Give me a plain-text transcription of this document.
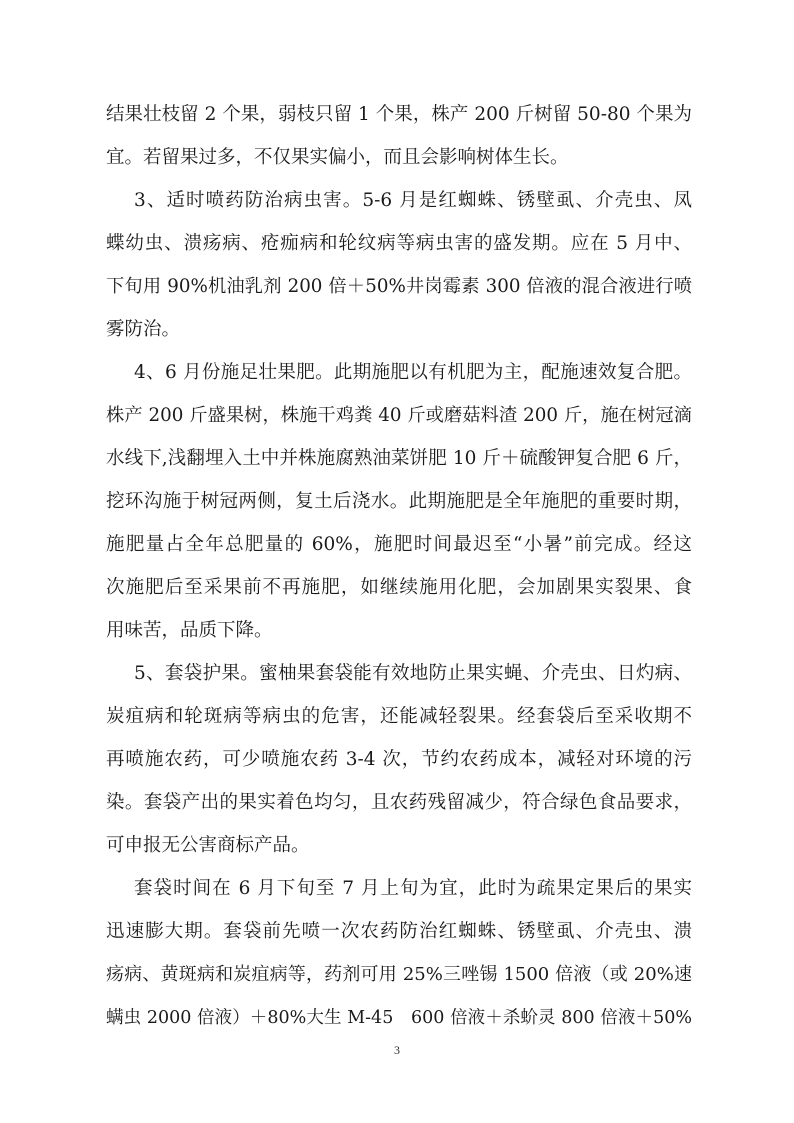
结果壮枝留 2 个果，弱枝只留 1 个果，株产 200 斤树留 50-80 个果为
宜。若留果过多，不仅果实偏小，而且会影响树体生长。
3、适时喷药防治病虫害。5-6 月是红蜘蛛、锈壁虱、介壳虫、凤
蝶幼虫、溃疡病、疮痂病和轮纹病等病虫害的盛发期。应在 5 月中、
下旬用 90%机油乳剂 200 倍＋50%井岗霉素 300 倍液的混合液进行喷
雾防治。
4、6 月份施足壮果肥。此期施肥以有机肥为主，配施速效复合肥。
株产 200 斤盛果树，株施干鸡粪 40 斤或磨菇料渣 200 斤，施在树冠滴
水线下,浅翻埋入土中并株施腐熟油菜饼肥 10 斤＋硫酸钾复合肥 6 斤，
挖环沟施于树冠两侧，复土后浇水。此期施肥是全年施肥的重要时期，
施肥量占全年总肥量的 60%，施肥时间最迟至“小暑”前完成。经这
次施肥后至采果前不再施肥，如继续施用化肥，会加剧果实裂果、食
用味苦，品质下降。
5、套袋护果。蜜柚果套袋能有效地防止果实蝇、介壳虫、日灼病、
炭疽病和轮斑病等病虫的危害，还能减轻裂果。经套袋后至采收期不
再喷施农药，可少喷施农药 3-4 次，节约农药成本，减轻对环境的污
染。套袋产出的果实着色均匀，且农药残留减少，符合绿色食品要求，
可申报无公害商标产品。
套袋时间在 6 月下旬至 7 月上旬为宜，此时为疏果定果后的果实
迅速膨大期。套袋前先喷一次农药防治红蜘蛛、锈壁虱、介壳虫、溃
疡病、黄斑病和炭疽病等，药剂可用 25%三唑锡 1500 倍液（或 20%速
螨虫 2000 倍液）＋80%大生 M-45　600 倍液＋杀蚧灵 800 倍液＋50%
3
